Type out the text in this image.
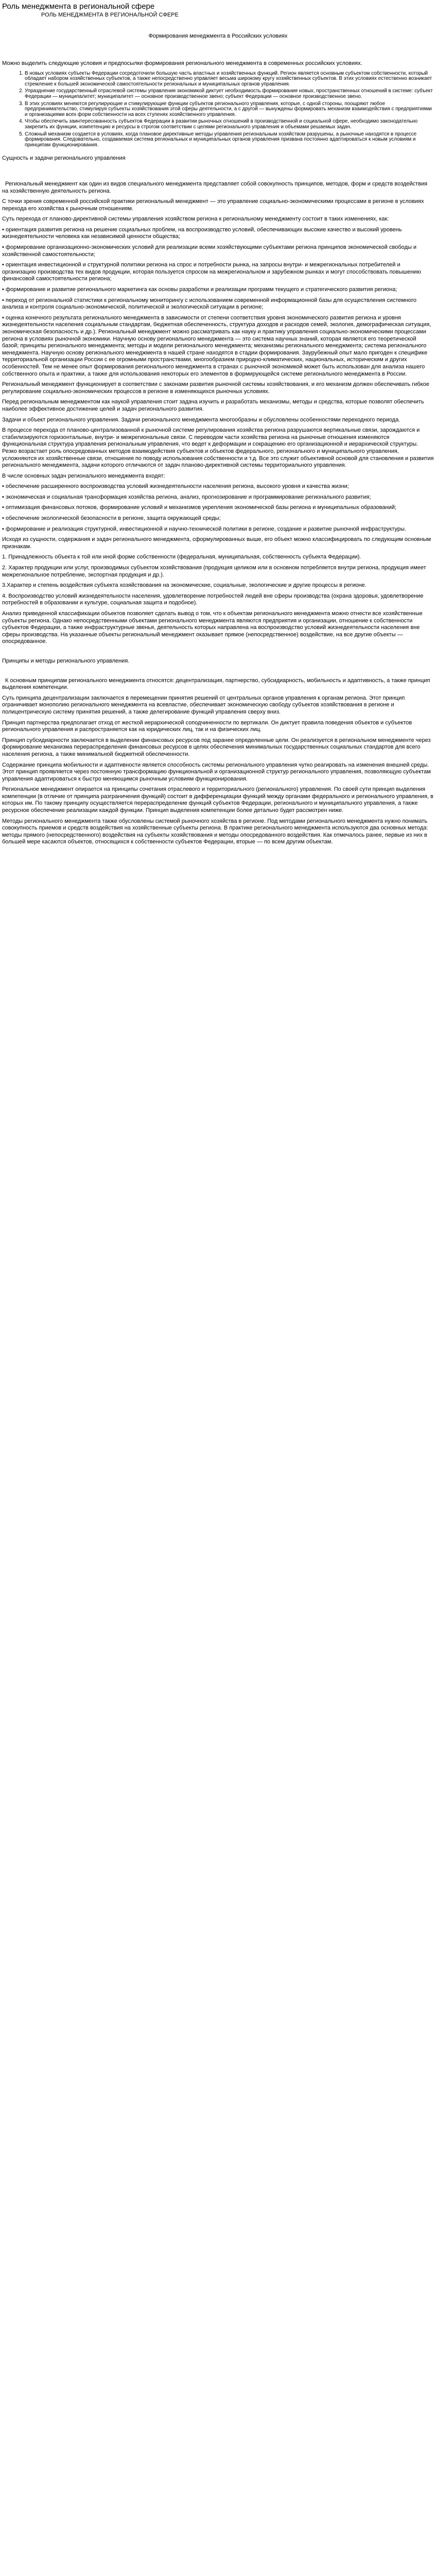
Роль менеджмента в региональной сфере
РОЛЬ МЕНЕДЖМЕНТА В РЕГИОНАЛЬНОЙ СФЕРЕ
Формирования менеджмента в Российских условиях

Можно выделить следующие условия и предпосылки формирования регионального менеджмента в современных российских условиях.

1. В новых условиях субъекты Федерации сосредоточили большую часть властных и хозяйственных функций. Регион является основным субъектом собственности, который обладает набором хозяйственных субъектов, а также непосредственно управляет весьма широкому кругу хозяйственных субъектов. В этих условиях естественно возникает стремление к большей экономической самостоятельности региональных и муниципальных органов управления.
2. Упразднение государственный отраслевой системы управления экономикой диктует необходимость формирования новых, пространственных отношений в системе: субъект Федерации — муниципалитет; муниципалитет — основное производственное звено; субъект Федерации — основное производственное звено.
3. В этих условиях меняются регулирующие и стимулирующие функции субъектов регионального управления, которые, с одной стороны, поощряют любое предпринимательство, стимулируя субъекты хозяйствования этой сферы деятельности, а с другой — вынуждены формировать механизм взаимодействия с предприятиями и организациями всех форм собственности на всех ступенях хозяйственного управления.
4. Чтобы обеспечить заинтересованность субъектов Федерации в развитии рыночных отношений в производственной и социальной сфере, необходимо законодательно закрепить их функции, компетенцию и ресурсы в строгом соответствии с целями регионального управления и объемами решаемых задач.
5. Сложный механизм создается в условиях, когда плановое директивные методы управления региональным хозяйством разрушены, а рыночные находятся в процессе формирования. Следовательно, создаваемая система региональных и муниципальных органов управления призвана постоянно адаптироваться к новым условиям и принципам функционирования.

Сущность и задачи регионального управления

Региональный менеджмент как один из видов специального менеджмента представляет собой совокупность принципов, методов, форм и средств воздействия на хозяйственную деятельность региона.

С точки зрения современной российской практики региональный менеджмент — это управление социально-экономическими процессами в регионе в условиях перехода его хозяйства к рыночным отношениям.

Суть перехода от планово-директивной системы управления хозяйством региона к региональному менеджменту состоит в таких изменениях, как:

• ориентация развития региона на решение социальных проблем, на воспроизводство условий, обеспечивающих высокие качество и высокий уровень жизнедеятельности человека как независимой ценности общества;

• формирование организационно-экономических условий для реализации всеми хозяйствующими субъектами региона принципов экономической свободы и хозяйственной самостоятельности;

• ориентация инвестиционной и структурной политики региона на спрос и потребности рынка, на запросы внутри- и межрегиональных потребителей и организацию производства тех видов продукции, которая пользуется спросом на межрегиональном и зарубежном рынках и могут способствовать повышению финансовой самостоятельности региона;

• формирование и развитие регионального маркетинга как основы разработки и реализации программ текущего и стратегического развития региона;

• переход от региональной статистики к региональному мониторингу с использованием современной информационной базы для осуществления системного анализа и контроля социально-экономической, политической и экологической ситуации в регионе;

• оценка конечного результата регионального менеджмента в зависимости от степени соответствия уровня экономического развития региона и уровня жизнедеятельности населения социальным стандартам, бюджетная обеспеченность, структура доходов и расходов семей, экология, демографическая ситуация, экономическая безопасность и др.). Региональный менеджмент можно рассматривать как науку и практику управления социально-экономическими процессами региона в условиях рыночной экономики. Научную основу регионального менеджмента — это система научных знаний, которая является его теоретической базой; принципы регионального менеджмента; методы и модели регионального менеджмента; механизмы регионального менеджмента; система регионального менеджмента. Научную основу регионального менеджмента в нашей стране находятся в стадии формирования. Заурубежный опыт мало пригоден к специфике территориальной организации России с ее огромными пространствами, многообразием природно-климатических, национальных, историческим и других особенностей. Тем не менее опыт формирования регионального менеджмента в странах с рыночной экономикой может быть использован для анализа нашего собственного опыта и практики, а также для использования некоторых его элементов в формирующейся системе регионального менеджмента в России.

Региональный менеджмент функционирует в соответствии с законами развития рыночной системы хозяйствования, и его механизм должен обеспечивать гибкое регулирование социально-экономических процессов в регионе в изменяющихся рыночных условиях.

Перед региональным менеджментом как наукой управления стоит задача изучить и разработать механизмы, методы и средства, которые позволят обеспечить наиболее эффективное достижение целей и задач регионального развития.

Задачи и объект регионального управления. Задачи регионального менеджмента многообразны и обусловлены особенностями переходного периода.

В процессе перехода от планово-централизованной к рыночной системе регулирования хозяйства региона разрушаются вертикальные связи, зарождаются и стабилизируются горизонтальные, внутри- и межрегиональные связи. С переводом части хозяйства региона на рыночные отношения изменяются функциональная структура управления региональным управления, что ведет к деформации и сокращению его организационной и иерархической структуры. Резко возрастает роль опосредованных методов взаимодействия субъектов и объектов федерального, регионального и муниципального управления, усложняются их хозяйственные связи, отношения по поводу использования собственности и т.д. Все это служит объективной основой для становления и развития регионального менеджмента, задачи которого отличаются от задач планово-директивной системы территориального управления.

В числе основных задач регионального менеджмента входят:

• обеспечение расширенного воспроизводства условий жизнедеятельности населения региона, высокого уровня и качества жизни;

• экономическая и социальная трансформация хозяйства региона, анализ, прогнозирование и программирование регионального развития;

• оптимизация финансовых потоков, формирование условий и механизмов укрепления экономической базы региона и муниципальных образований;

• обеспечение экологической безопасности в регионе, защита окружающей среды;

• формирование и реализация структурной, инвестиционной и научно-технической политики в регионе, создание и развитие рыночной инфраструктуры.

Исходя из сущности, содержания и задач регионального менеджмента, сформулированных выше, его объект можно классифицировать по следующим основным признакам.

1. Принадлежность объекта к той или иной форме собственности (федеральная, муниципальная, собственность субъекта Федерации).

2. Характер продукции или услуг, производимых субъектом хозяйствования (продукция целиком или в основном потребляется внутри региона, продукция имеет межрегиональное потребление, экспортная продукция и др.).

3.Характер и степень воздействия субъекта хозяйствования на экономические, социальные, экологические и другие процессы в регионе.

4. Воспроизводство условий жизнедеятельности населения, удовлетворение потребностей людей вне сферы производства (охрана здоровья, удовлетворение потребностей в образовании и культуре, социальная защита и подобное).

Анализ приведенной классификации объектов позволяет сделать вывод о том, что к объектам регионального менеджмента можно отнести все хозяйственные субъекты региона. Однако непосредственными объектами регионального менеджмента являются предприятия и организации, отношение к собственности субъектов Федерации, а также инфраструктурные звенья, деятельность которых направлена на воспроизводство условий жизнедеятельности населения вне сферы производства. На указанные объекты региональный менеджмент оказывает прямое (непосредственное) воздействие, на все другие объекты — опосредованное.

Принципы и методы регионального управления.

К основным принципам регионального менеджмента относятся: децентрализация, партнерство, субсидиарность, мобильность и адаптивность, а также принцип выделения компетенции.

Суть принципа децентрализации заключается в перемещении принятия решений от центральных органов управления к органам региона. Этот принцип ограничивает монополию регионального менеджмента на всевластие, обеспечивает экономическую свободу субъектов хозяйствования в регионе и полицентрическую систему принятия решений, а также делегирование функций управления сверху вниз.

Принцип партнерства предполагает отход от жесткой иерархической соподчиненности по вертикали. Он диктует правила поведения объектов и субъектов регионального управления и распространяется как на юридических лиц, так и на физических лиц.

Принцип субсидиарности заключается в выделении финансовых ресурсов под заранее определенные цели. Он реализуется в региональном менеджменте через формирование механизма перераспределения финансовых ресурсов в целях обеспечения минимальных государственных социальных стандартов для всего населения региона, а также минимальной бюджетной обеспеченности.

Содержание принципа мобильности и адаптивности является способность системы регионального управления чутко реагировать на изменения внешней среды. Этот принцип проявляется через постоянную трансформацию функциональной и организационной структур регионального управления, позволяющую субъектам управления адаптироваться к быстро меняющимся рыночным условиям функционирования.

Региональное менеджмент опирается на принципы сочетания отраслевого и территориального (регионального) управления. По своей сути принцип выделения компетенции (в отличие от принципа разграничения функций) состоит в дифференциации функций между органами федерального и регионального управления, в которых им. По такому принципу осуществляется перераспределение функций субъектов Федерации, регионального и муниципального управления, а также ресурсное обеспечение реализации каждой функции. Принцип выделения компетенции более детально будет рассмотрен ниже.

Методы регионального менеджмента также обусловлены системой рыночного хозяйства в регионе. Под методами регионального менеджмента нужно понимать совокупность приемов и средств воздействия на хозяйственные субъекты региона. В практике регионального менеджмента используются два основных метода: методы прямого (непосредственного) воздействия на субъекты хозяйствования и методы опосредованного воздействия. Как отмечалось ранее, первые из них в большей мере касаются объектов, относящихся к собственности субъектов Федерации, вторые — по всем другим объектам.
